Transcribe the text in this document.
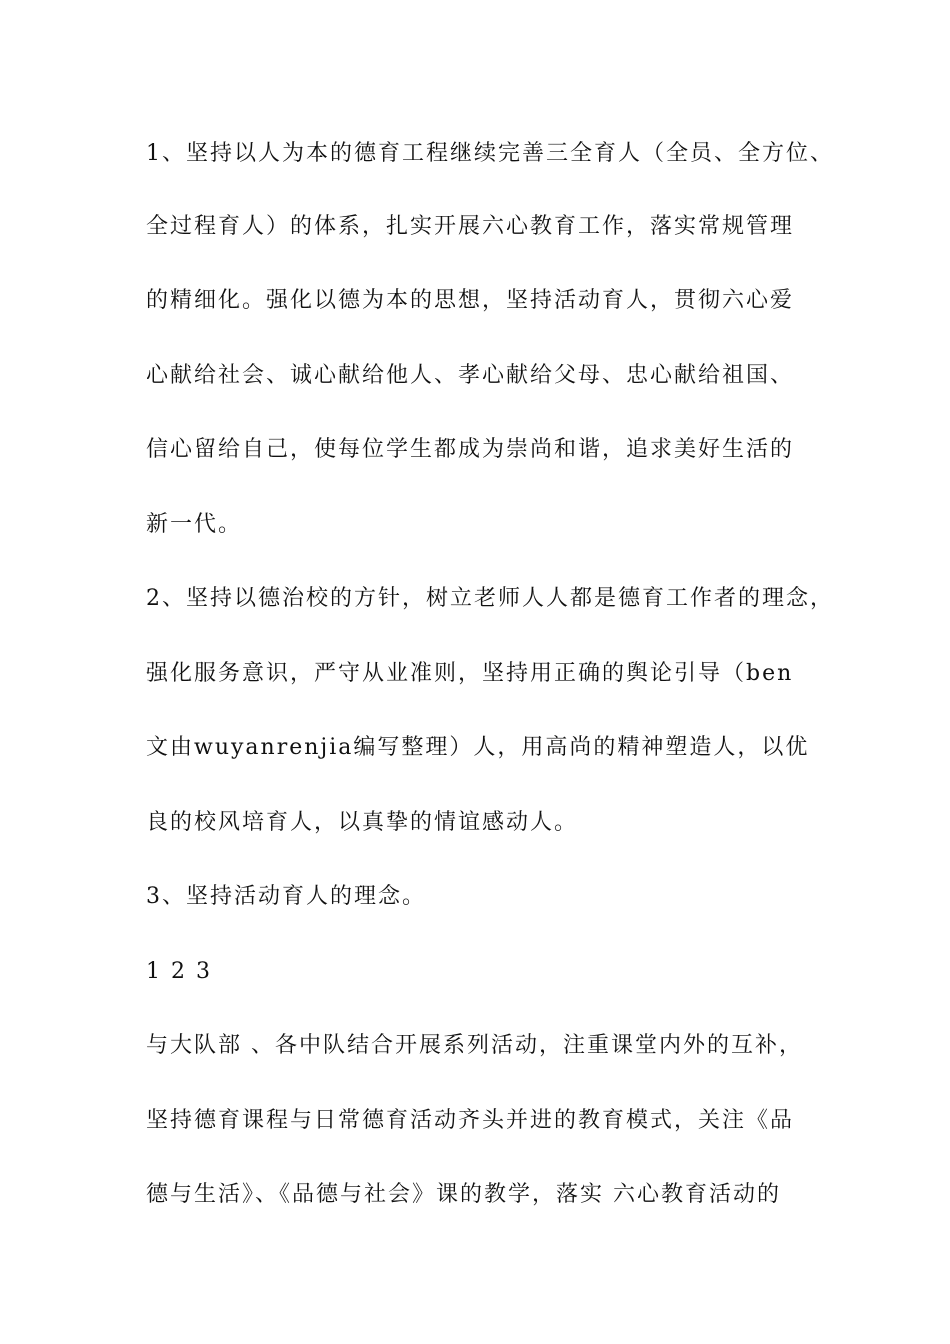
1、坚持以人为本的德育工程继续完善三全育人（全员、全方位、
全过程育人）的体系，扎实开展六心教育工作，落实常规管理
的精细化。强化以德为本的思想，坚持活动育人，贯彻六心爱
心献给社会、诚心献给他人、孝心献给父母、忠心献给祖国、
信心留给自己，使每位学生都成为崇尚和谐，追求美好生活的
新一代。
2、坚持以德治校的方针，树立老师人人都是德育工作者的理念，
强化服务意识，严守从业准则，坚持用正确的舆论引导（ben
文由wuyanrenjia编写整理）人，用高尚的精神塑造人，以优
良的校风培育人，以真挚的情谊感动人。
3、坚持活动育人的理念。
1 2 3
与大队部 、各中队结合开展系列活动，注重课堂内外的互补，
坚持德育课程与日常德育活动齐头并进的教育模式，关注《品
德与生活》、《品德与社会》课的教学，落实 六心教育活动的
